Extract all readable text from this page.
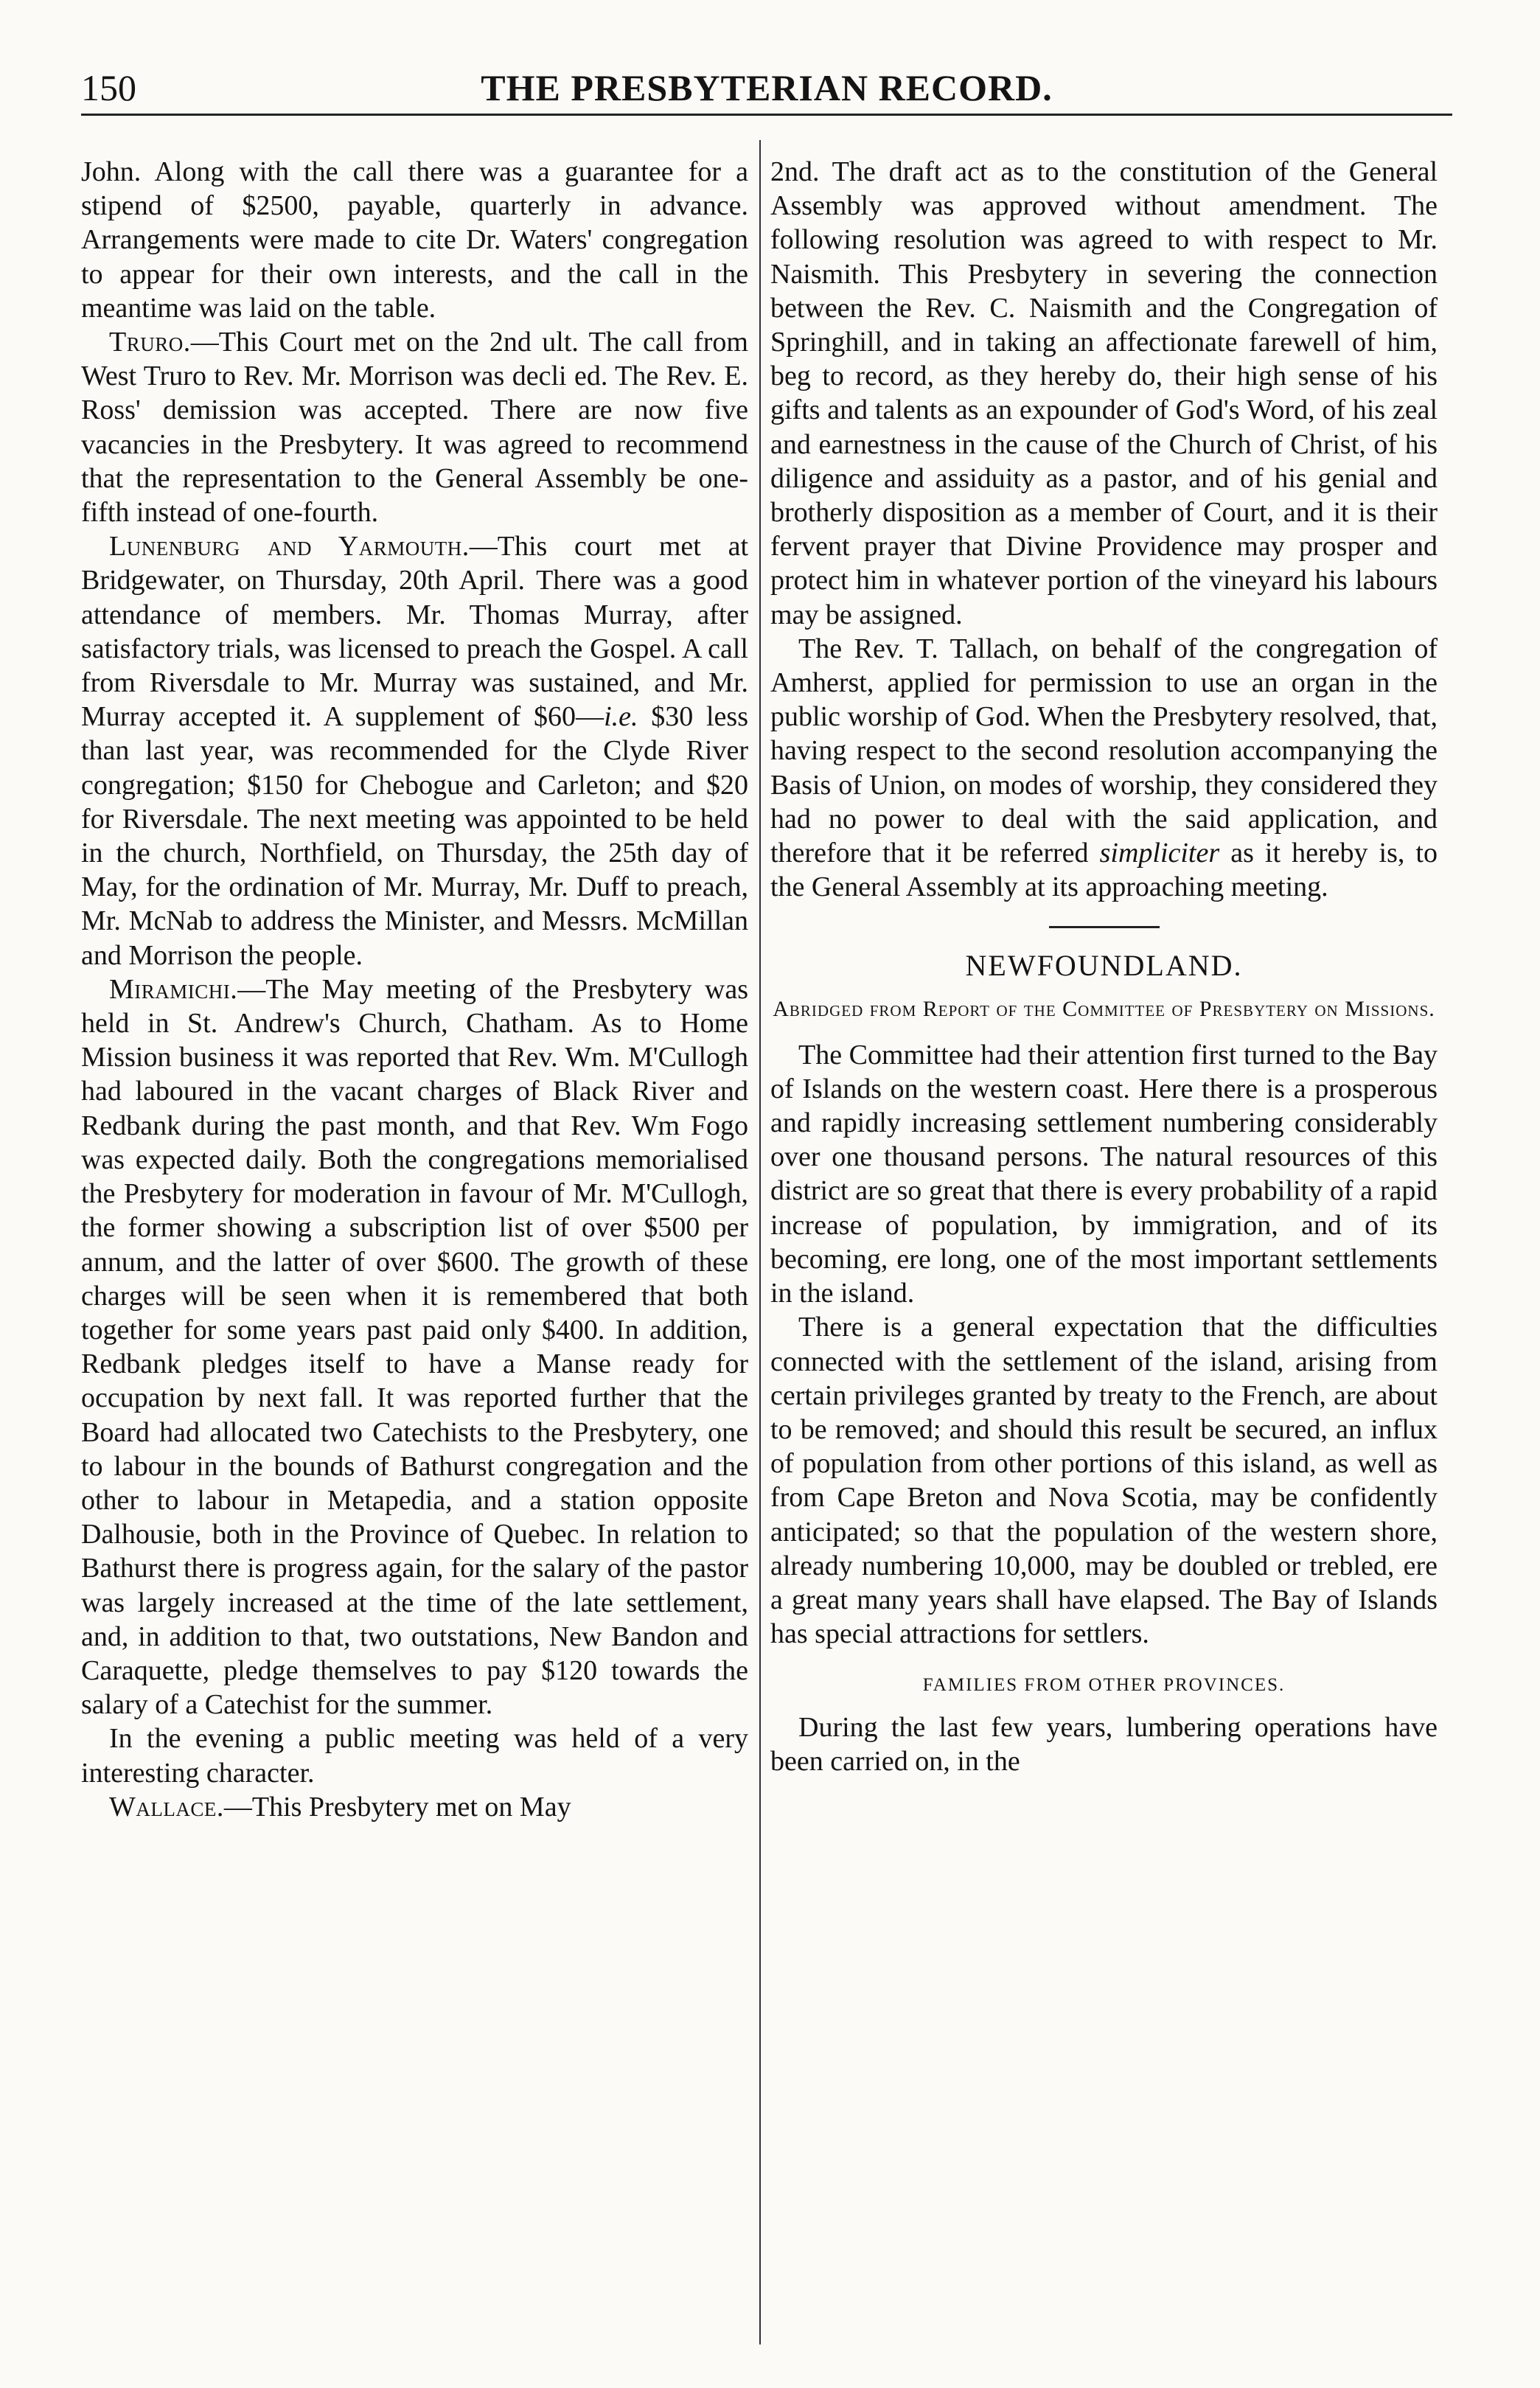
150	THE PRESBYTERIAN RECORD.

John. Along with the call there was a guarantee for a stipend of $2500, payable, quarterly in advance. Arrangements were made to cite Dr. Waters' congregation to appear for their own interests, and the call in the meantime was laid on the table.

Truro.—This Court met on the 2nd ult. The call from West Truro to Rev. Mr. Morrison was decli ed. The Rev. E. Ross' demission was accepted. There are now five vacancies in the Presbytery. It was agreed to recommend that the representation to the General Assembly be one-fifth instead of one-fourth.

Lunenburg and Yarmouth.—This court met at Bridgewater, on Thursday, 20th April. There was a good attendance of members. Mr. Thomas Murray, after satisfactory trials, was licensed to preach the Gospel. A call from Riversdale to Mr. Murray was sustained, and Mr. Murray accepted it. A supplement of $60—i.e. $30 less than last year, was recommended for the Clyde River congregation; $150 for Chebogue and Carleton; and $20 for Riversdale. The next meeting was appointed to be held in the church, Northfield, on Thursday, the 25th day of May, for the ordination of Mr. Murray, Mr. Duff to preach, Mr. McNab to address the Minister, and Messrs. McMillan and Morrison the people.

Miramichi.—The May meeting of the Presbytery was held in St. Andrew's Church, Chatham. As to Home Mission business it was reported that Rev. Wm. M'Cullogh had laboured in the vacant charges of Black River and Redbank during the past month, and that Rev. Wm Fogo was expected daily. Both the congregations memorialised the Presbytery for moderation in favour of Mr. M'Cullogh, the former showing a subscription list of over $500 per annum, and the latter of over $600. The growth of these charges will be seen when it is remembered that both together for some years past paid only $400. In addition, Redbank pledges itself to have a Manse ready for occupation by next fall. It was reported further that the Board had allocated two Catechists to the Presbytery, one to labour in the bounds of Bathurst congregation and the other to labour in Metapedia, and a station opposite Dalhousie, both in the Province of Quebec. In relation to Bathurst there is progress again, for the salary of the pastor was largely increased at the time of the late settlement, and, in addition to that, two outstations, New Bandon and Caraquette, pledge themselves to pay $120 towards the salary of a Catechist for the summer.

In the evening a public meeting was held of a very interesting character.

Wallace.—This Presbytery met on May

2nd. The draft act as to the constitution of the General Assembly was approved without amendment. The following resolution was agreed to with respect to Mr. Naismith. This Presbytery in severing the connection between the Rev. C. Naismith and the Congregation of Springhill, and in taking an affectionate farewell of him, beg to record, as they hereby do, their high sense of his gifts and talents as an expounder of God's Word, of his zeal and earnestness in the cause of the Church of Christ, of his diligence and assiduity as a pastor, and of his genial and brotherly disposition as a member of Court, and it is their fervent prayer that Divine Providence may prosper and protect him in whatever portion of the vineyard his labours may be assigned.

The Rev. T. Tallach, on behalf of the congregation of Amherst, applied for permission to use an organ in the public worship of God. When the Presbytery resolved, that, having respect to the second resolution accompanying the Basis of Union, on modes of worship, they considered they had no power to deal with the said application, and therefore that it be referred simpliciter as it hereby is, to the General Assembly at its approaching meeting.

NEWFOUNDLAND.

Abridged from Report of the Committee of Presbytery on Missions.

The Committee had their attention first turned to the Bay of Islands on the western coast. Here there is a prosperous and rapidly increasing settlement numbering considerably over one thousand persons. The natural resources of this district are so great that there is every probability of a rapid increase of population, by immigration, and of its becoming, ere long, one of the most important settlements in the island.

There is a general expectation that the difficulties connected with the settlement of the island, arising from certain privileges granted by treaty to the French, are about to be removed; and should this result be secured, an influx of population from other portions of this island, as well as from Cape Breton and Nova Scotia, may be confidently anticipated; so that the population of the western shore, already numbering 10,000, may be doubled or trebled, ere a great many years shall have elapsed. The Bay of Islands has special attractions for settlers.

FAMILIES FROM OTHER PROVINCES.

During the last few years, lumbering operations have been carried on, in the
